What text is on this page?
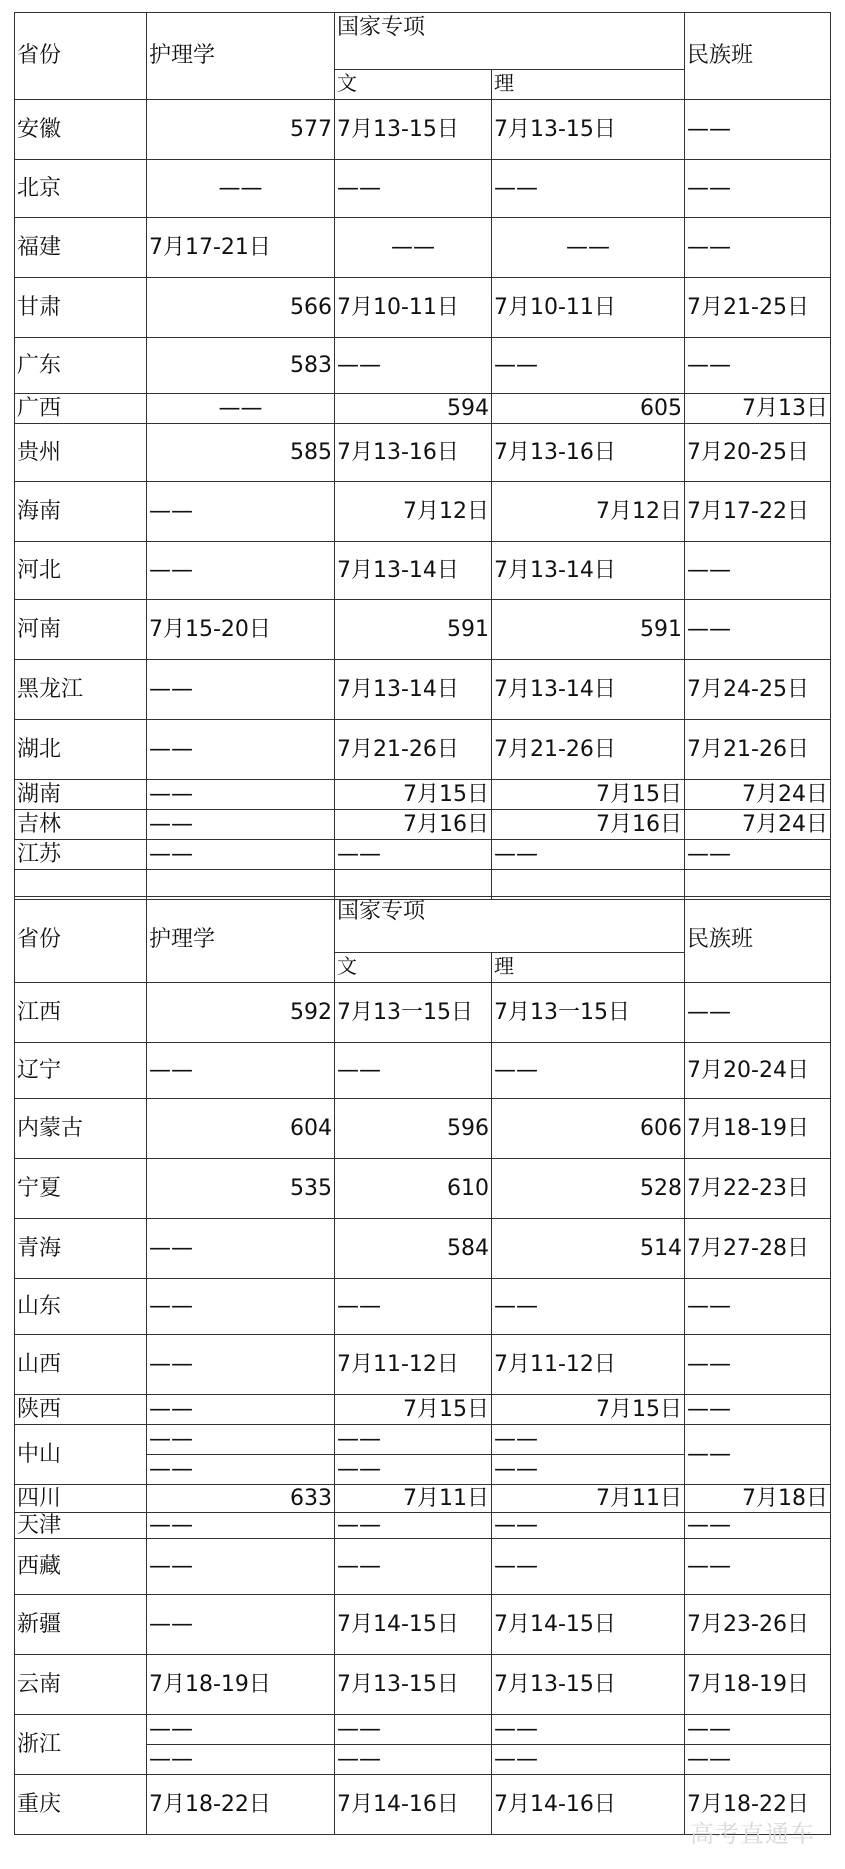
省份	护理学	国家专项		民族班
		文	理	
安徽	577	7月13-15日	7月13-15日	——
北京	——	——	——	——
福建	7月17-21日	——	——	——
甘肃	566	7月10-11日	7月10-11日	7月21-25日
广东	583	——	——	——
广西	——	594	605	7月13日
贵州	585	7月13-16日	7月13-16日	7月20-25日
海南	——	7月12日	7月12日	7月17-22日
河北	——	7月13-14日	7月13-14日	——
河南	7月15-20日	591	591	——
黑龙江	——	7月13-14日	7月13-14日	7月24-25日
湖北	——	7月21-26日	7月21-26日	7月21-26日
湖南	——	7月15日	7月15日	7月24日
吉林	——	7月16日	7月16日	7月24日
江苏	——	——	——	——

省份	护理学	国家专项		民族班
		文	理	
江西	592	7月13一15日	7月13一15日	——
辽宁	——	——	——	7月20-24日
内蒙古	604	596	606	7月18-19日
宁夏	535	610	528	7月22-23日
青海	——	584	514	7月27-28日
山东	——	——	——	——
山西	——	7月11-12日	7月11-12日	——
陕西	——	7月15日	7月15日	——
中山	——	——	——	——
	——	——	——	
四川	633	7月11日	7月11日	7月18日
天津	——	——	——	——
西藏	——	——	——	——
新疆	——	7月14-15日	7月14-15日	7月23-26日
云南	7月18-19日	7月13-15日	7月13-15日	7月18-19日
浙江	——	——	——	——
	——	——	——	——
重庆	7月18-22日	7月14-16日	7月14-16日	7月18-22日
高考直通车
